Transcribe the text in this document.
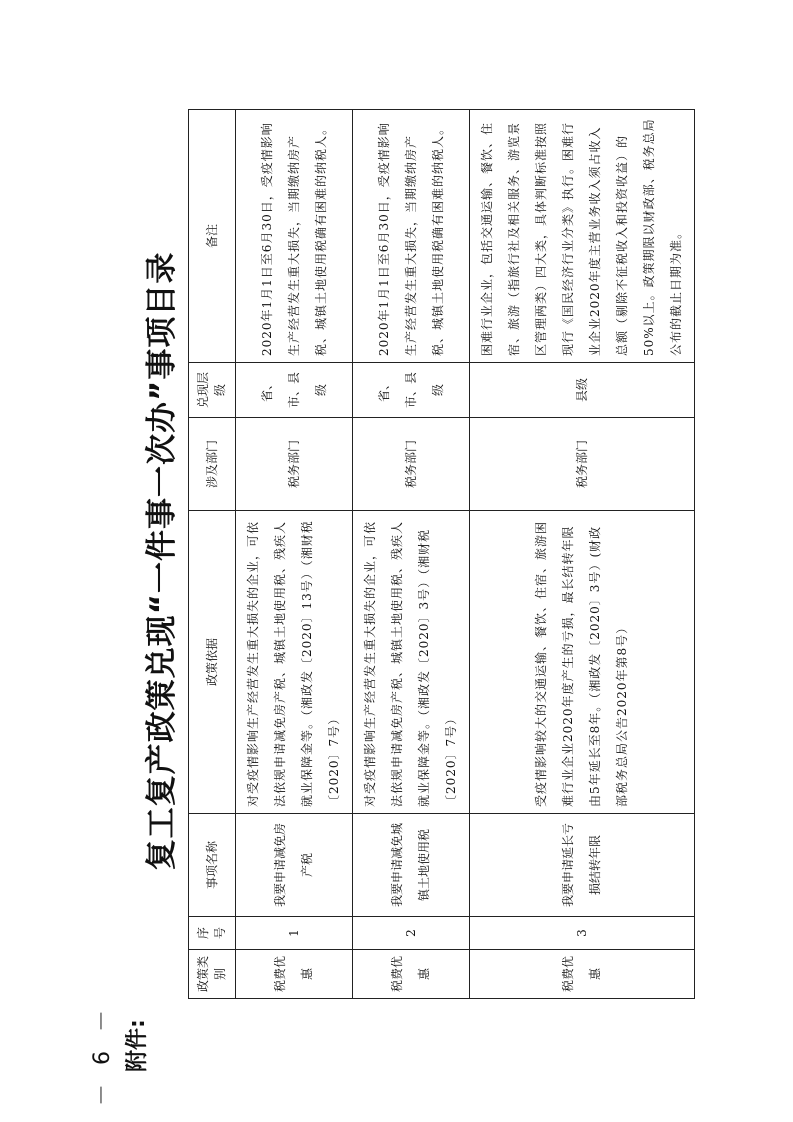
－ 6 － 附件:
复工复产政策兑现“一件事一次办”事项目录
政策类别	序号	事项名称	政策依据	涉及部门	兑现层级	备注
税费优惠	1	我要申请减免房产税	对受疫情影响生产经营发生重大损失的企业，可依法依规申请减免房产税、城镇土地使用税、残疾人就业保障金等。（湘政发〔2020〕13号）（湘财税〔2020〕7号）	税务部门	省、市、县级	2020年1月1日至6月30日，受疫情影响生产经营发生重大损失，当期缴纳房产税、城镇土地使用税确有困难的纳税人。
税费优惠	2	我要申请减免城镇土地使用税	对受疫情影响生产经营发生重大损失的企业，可依法依规申请减免房产税、城镇土地使用税、残疾人就业保障金等。（湘政发〔2020〕3号）（湘财税〔2020〕7号）	税务部门	省、市、县级	2020年1月1日至6月30日，受疫情影响生产经营发生重大损失，当期缴纳房产税、城镇土地使用税确有困难的纳税人。
税费优惠	3	我要申请延长亏损结转年限	受疫情影响较大的交通运输、餐饮、住宿、旅游困难行业企业2020年度产生的亏损，最长结转年限由5年延长至8年。（湘政发〔2020〕3号）(财政部税务总局公告2020年第8号）	税务部门	县级	困难行业企业，包括交通运输、餐饮、住宿、旅游（指旅行社及相关服务、游览景区管理两类）四大类，具体判断标准按照现行《国民经济行业分类》执行。困难行业企业2020年度主营业务收入须占收入总额（剔除不征税收入和投资收益）的50%以上。政策期限以财政部、税务总局公布的截止日期为准。
